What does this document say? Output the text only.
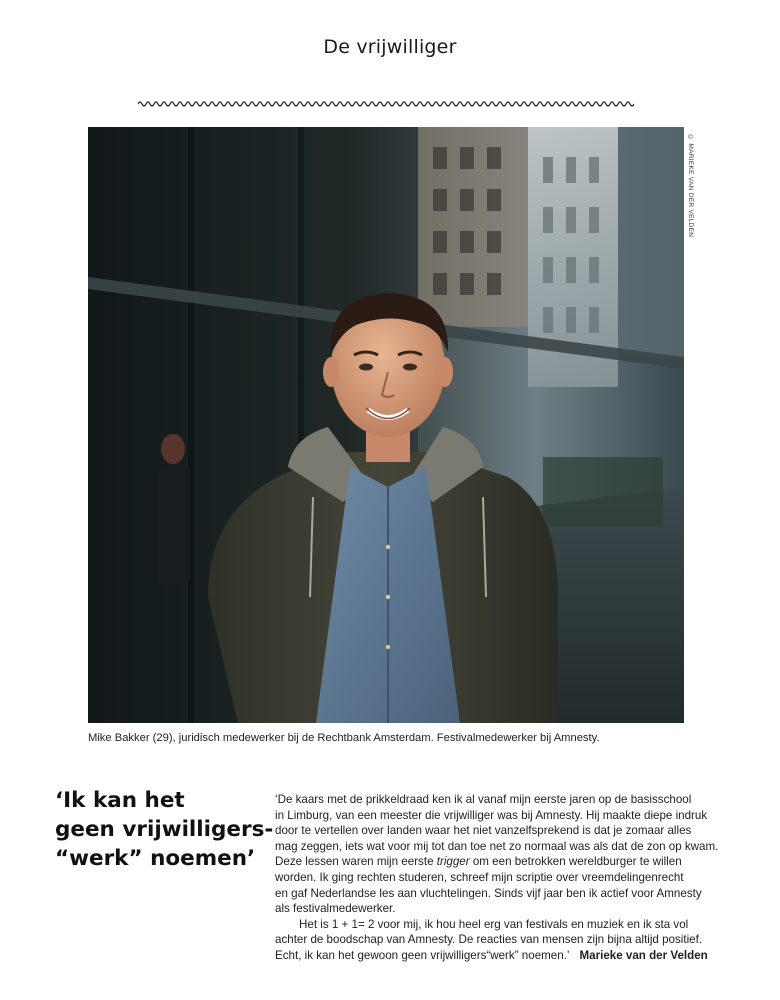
De vrijwilliger
© MARIEKE VAN DER VELDEN
Mike Bakker (29), juridisch medewerker bij de Rechtbank Amsterdam. Festivalmedewerker bij Amnesty.
‘Ik kan het
geen vrijwilligers-
“werk” noemen’
‘De kaars met de prikkeldraad ken ik al vanaf mijn eerste jaren op de basisschool
in Limburg, van een meester die vrijwilliger was bij Amnesty. Hij maakte diepe indruk
door te vertellen over landen waar het niet vanzelfsprekend is dat je zomaar alles
mag zeggen, iets wat voor mij tot dan toe net zo normaal was als dat de zon op kwam.
Deze lessen waren mijn eerste trigger om een betrokken wereldburger te willen
worden. Ik ging rechten studeren, schreef mijn scriptie over vreemdelingenrecht
en gaf Nederlandse les aan vluchtelingen. Sinds vijf jaar ben ik actief voor Amnesty
als festivalmedewerker.
Het is 1 + 1= 2 voor mij, ik hou heel erg van festivals en muziek en ik sta vol
achter de boodschap van Amnesty. De reacties van mensen zijn bijna altijd positief.
Echt, ik kan het gewoon geen vrijwilligers“werk” noemen.’ Marieke van der Velden
